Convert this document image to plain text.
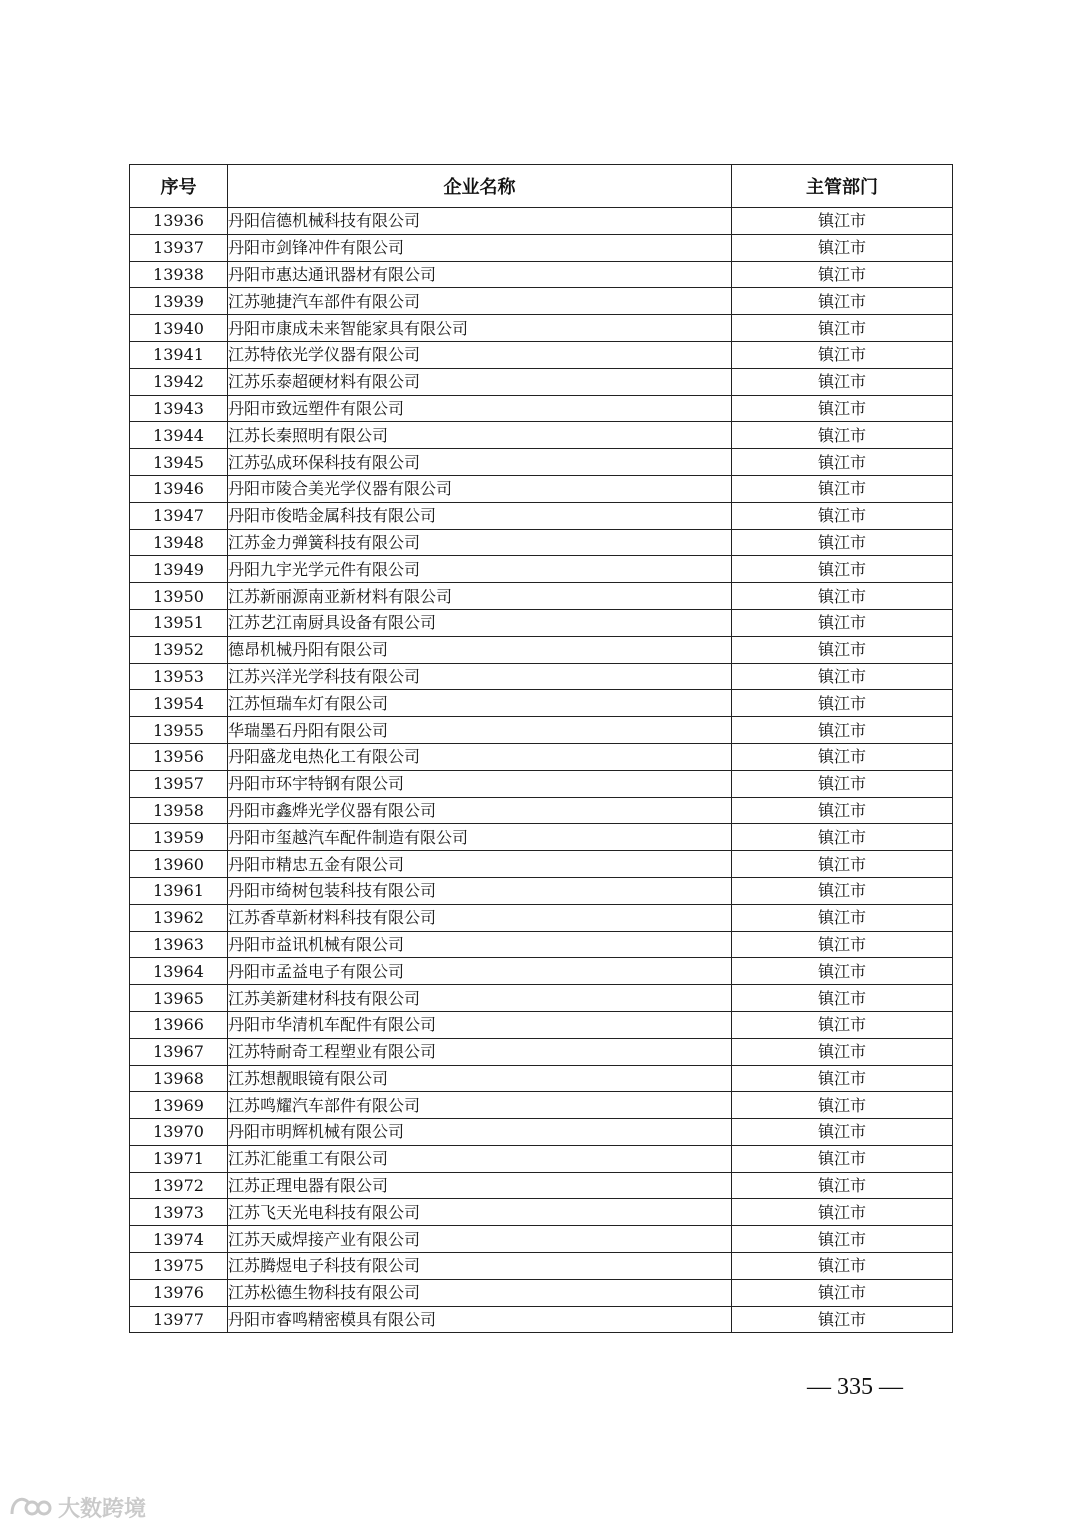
序号	企业名称	主管部门
13936	丹阳信德机械科技有限公司	镇江市
13937	丹阳市剑锋冲件有限公司	镇江市
13938	丹阳市惠达通讯器材有限公司	镇江市
13939	江苏驰捷汽车部件有限公司	镇江市
13940	丹阳市康成未来智能家具有限公司	镇江市
13941	江苏特依光学仪器有限公司	镇江市
13942	江苏乐泰超硬材料有限公司	镇江市
13943	丹阳市致远塑件有限公司	镇江市
13944	江苏长秦照明有限公司	镇江市
13945	江苏弘成环保科技有限公司	镇江市
13946	丹阳市陵合美光学仪器有限公司	镇江市
13947	丹阳市俊晧金属科技有限公司	镇江市
13948	江苏金力弹簧科技有限公司	镇江市
13949	丹阳九宇光学元件有限公司	镇江市
13950	江苏新丽源南亚新材料有限公司	镇江市
13951	江苏艺江南厨具设备有限公司	镇江市
13952	德昂机械丹阳有限公司	镇江市
13953	江苏兴洋光学科技有限公司	镇江市
13954	江苏恒瑞车灯有限公司	镇江市
13955	华瑞墨石丹阳有限公司	镇江市
13956	丹阳盛龙电热化工有限公司	镇江市
13957	丹阳市环宇特钢有限公司	镇江市
13958	丹阳市鑫烨光学仪器有限公司	镇江市
13959	丹阳市玺越汽车配件制造有限公司	镇江市
13960	丹阳市精忠五金有限公司	镇江市
13961	丹阳市绮树包装科技有限公司	镇江市
13962	江苏香草新材料科技有限公司	镇江市
13963	丹阳市益讯机械有限公司	镇江市
13964	丹阳市孟益电子有限公司	镇江市
13965	江苏美新建材科技有限公司	镇江市
13966	丹阳市华清机车配件有限公司	镇江市
13967	江苏特耐奇工程塑业有限公司	镇江市
13968	江苏想靓眼镜有限公司	镇江市
13969	江苏鸣耀汽车部件有限公司	镇江市
13970	丹阳市明辉机械有限公司	镇江市
13971	江苏汇能重工有限公司	镇江市
13972	江苏正理电器有限公司	镇江市
13973	江苏飞天光电科技有限公司	镇江市
13974	江苏天威焊接产业有限公司	镇江市
13975	江苏腾煜电子科技有限公司	镇江市
13976	江苏松德生物科技有限公司	镇江市
13977	丹阳市睿鸣精密模具有限公司	镇江市
— 335 —
大数跨境
